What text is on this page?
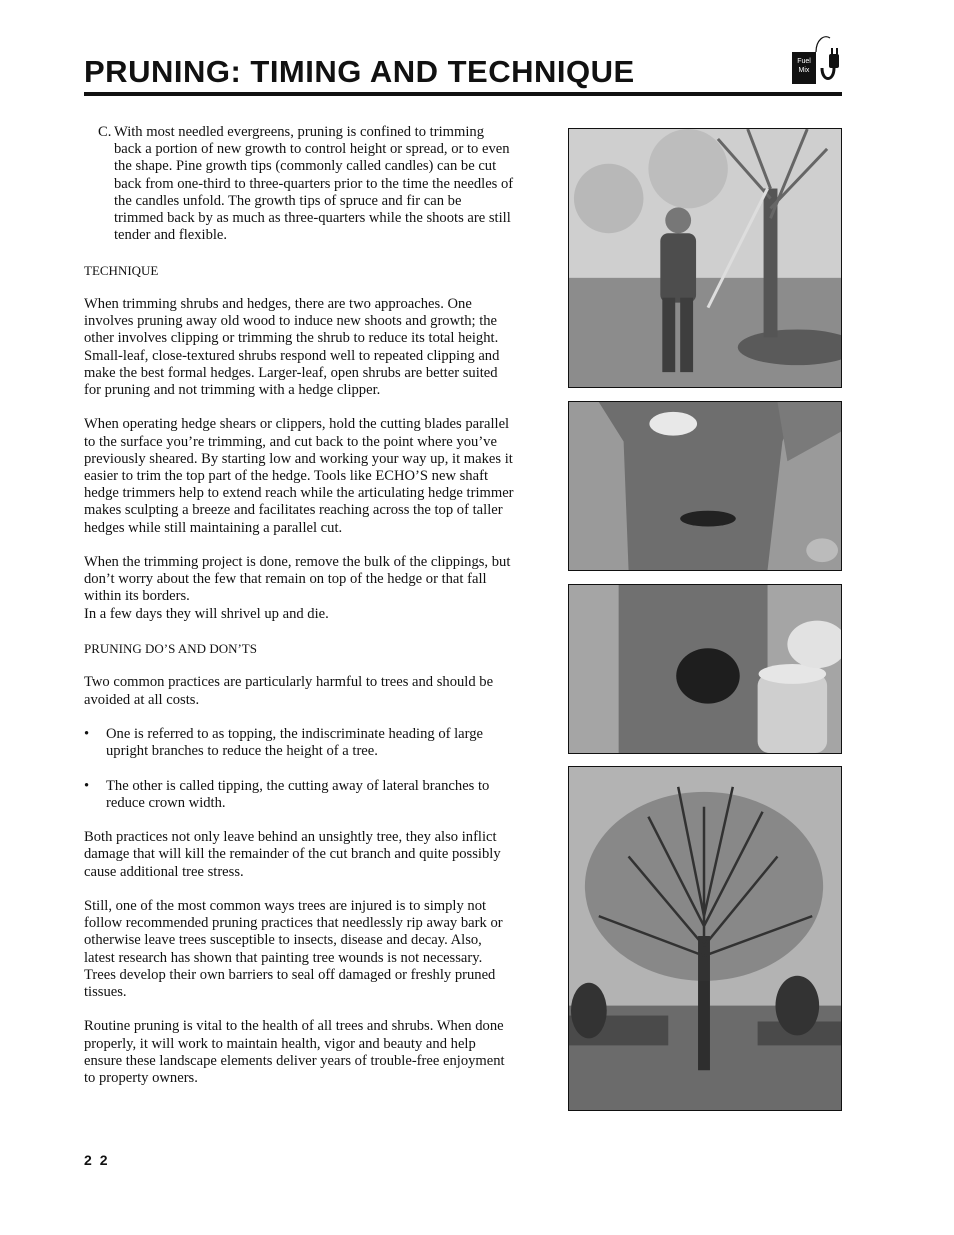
PRUNING: TIMING AND TECHNIQUE	Fuel
Mix
C. With most needled evergreens, pruning is confined to trimming back a portion of new growth to control height or spread, or to even the shape. Pine growth tips (commonly called candles) can be cut back from one-third to three-quarters prior to the time the needles of the candles unfold. The growth tips of spruce and fir can be trimmed back by as much as three-quarters while the shoots are still tender and flexible.

TECHNIQUE

When trimming shrubs and hedges, there are two approaches. One involves pruning away old wood to induce new shoots and growth; the other involves clipping or trimming the shrub to reduce its total height. Small-leaf, close-textured shrubs respond well to repeated clipping and make the best formal hedges. Larger-leaf, open shrubs are better suited for pruning and not trimming with a hedge clipper.

When operating hedge shears or clippers, hold the cutting blades parallel to the surface you’re trimming, and cut back to the point where you’ve previously sheared. By starting low and working your way up, it makes it easier to trim the top part of the hedge. Tools like ECHO’S new shaft hedge trimmers help to extend reach while the articulating hedge trimmer makes sculpting a breeze and facilitates reaching across the top of taller hedges while still maintaining a parallel cut.

When the trimming project is done, remove the bulk of the clippings, but don’t worry about the few that remain on top of the hedge or that fall within its borders.

In a few days they will shrivel up and die.

PRUNING DO’S AND DON’TS

Two common practices are particularly harmful to trees and should be avoided at all costs.

•	One is referred to as topping, the indiscriminate heading of large upright branches to reduce the height of a tree.
•	The other is called tipping, the cutting away of lateral branches to reduce crown width.

Both practices not only leave behind an unsightly tree, they also inflict damage that will kill the remainder of the cut branch and quite possibly cause additional tree stress.

Still, one of the most common ways trees are injured is to simply not follow recommended pruning practices that needlessly rip away bark or otherwise leave trees susceptible to insects, disease and decay. Also, latest research has shown that painting tree wounds is not necessary. Trees develop their own barriers to seal off damaged or freshly pruned tissues.

Routine pruning is vital to the health of all trees and shrubs. When done properly, it will work to maintain health, vigor and beauty and help ensure these landscape elements deliver years of trouble-free enjoyment to property owners.

22
